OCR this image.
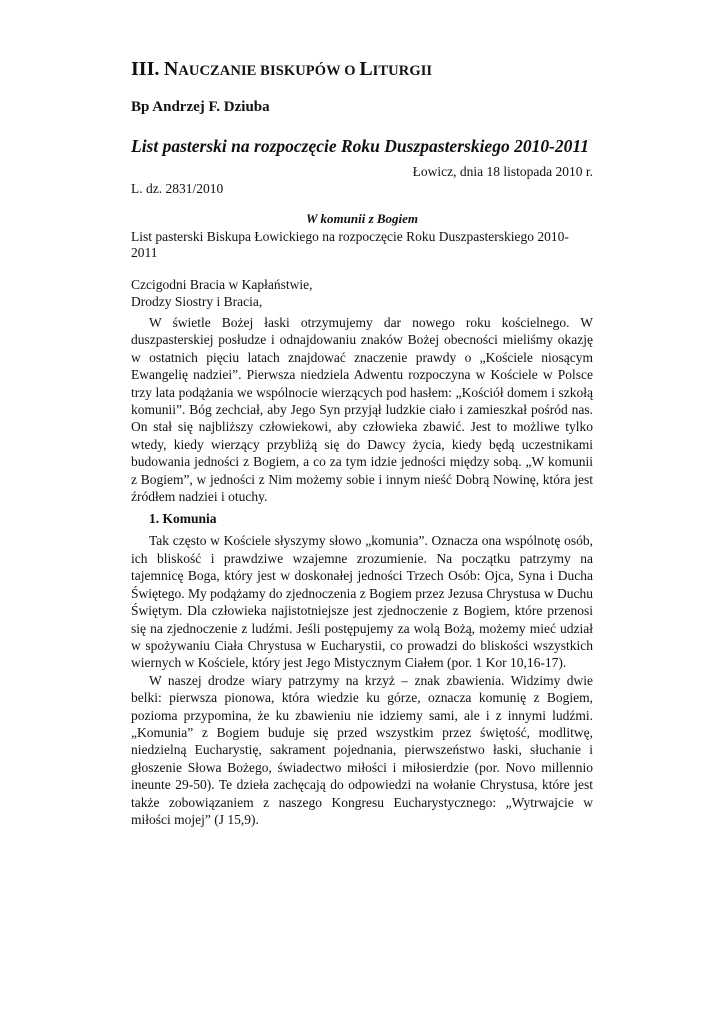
III. NAUCZANIE BISKUPÓW O LITURGII
Bp Andrzej F. Dziuba
List pasterski na rozpoczęcie Roku Duszpasterskiego 2010-2011
Łowicz, dnia 18 listopada 2010 r.
L. dz. 2831/2010
W komunii z Bogiem
List pasterski Biskupa Łowickiego na rozpoczęcie Roku Duszpasterskiego 2010-2011
Czcigodni Bracia w Kapłaństwie,
Drodzy Siostry i Bracia,

W świetle Bożej łaski otrzymujemy dar nowego roku kościelnego. W duszpasterskiej posłudze i odnajdowaniu znaków Bożej obecności mieliśmy okazję w ostatnich pięciu latach znajdować znaczenie prawdy o „Kościele niosącym Ewangelię nadziei”. Pierwsza niedziela Adwentu rozpoczyna w Kościele w Polsce trzy lata podążania we wspólnocie wierzących pod hasłem: „Kościół domem i szkołą komunii”. Bóg zechciał, aby Jego Syn przyjął ludzkie ciało i zamieszkał pośród nas. On stał się najbliższy człowiekowi, aby człowieka zbawić. Jest to możliwe tylko wtedy, kiedy wierzący przybliżą się do Dawcy życia, kiedy będą uczestnikami budowania jedności z Bogiem, a co za tym idzie jedności między sobą. „W komunii z Bogiem”, w jedności z Nim możemy sobie i innym nieść Dobrą Nowinę, która jest źródłem nadziei i otuchy.

1. Komunia

Tak często w Kościele słyszymy słowo „komunia”. Oznacza ona wspólnotę osób, ich bliskość i prawdziwe wzajemne zrozumienie. Na początku patrzymy na tajemnicę Boga, który jest w doskonałej jedności Trzech Osób: Ojca, Syna i Ducha Świętego. My podążamy do zjednoczenia z Bogiem przez Jezusa Chrystusa w Duchu Świętym. Dla człowieka najistotniejsze jest zjednoczenie z Bogiem, które przenosi się na zjednoczenie z ludźmi. Jeśli postępujemy za wolą Bożą, możemy mieć udział w spożywaniu Ciała Chrystusa w Eucharystii, co prowadzi do bliskości wszystkich wiernych w Kościele, który jest Jego Mistycznym Ciałem (por. 1 Kor 10,16-17).

W naszej drodze wiary patrzymy na krzyż – znak zbawienia. Widzimy dwie belki: pierwsza pionowa, która wiedzie ku górze, oznacza komunię z Bogiem, pozioma przypomina, że ku zbawieniu nie idziemy sami, ale i z innymi ludźmi. „Komunia” z Bogiem buduje się przed wszystkim przez świętość, modlitwę, niedzielną Eucharystię, sakrament pojednania, pierwszeństwo łaski, słuchanie i głoszenie Słowa Bożego, świadectwo miłości i miłosierdzie (por. Novo millennio ineunte 29-50). Te dzieła zachęcają do odpowiedzi na wołanie Chrystusa, które jest także zobowiązaniem z naszego Kongresu Eucharystycznego: „Wytrwajcie w miłości mojej” (J 15,9).
